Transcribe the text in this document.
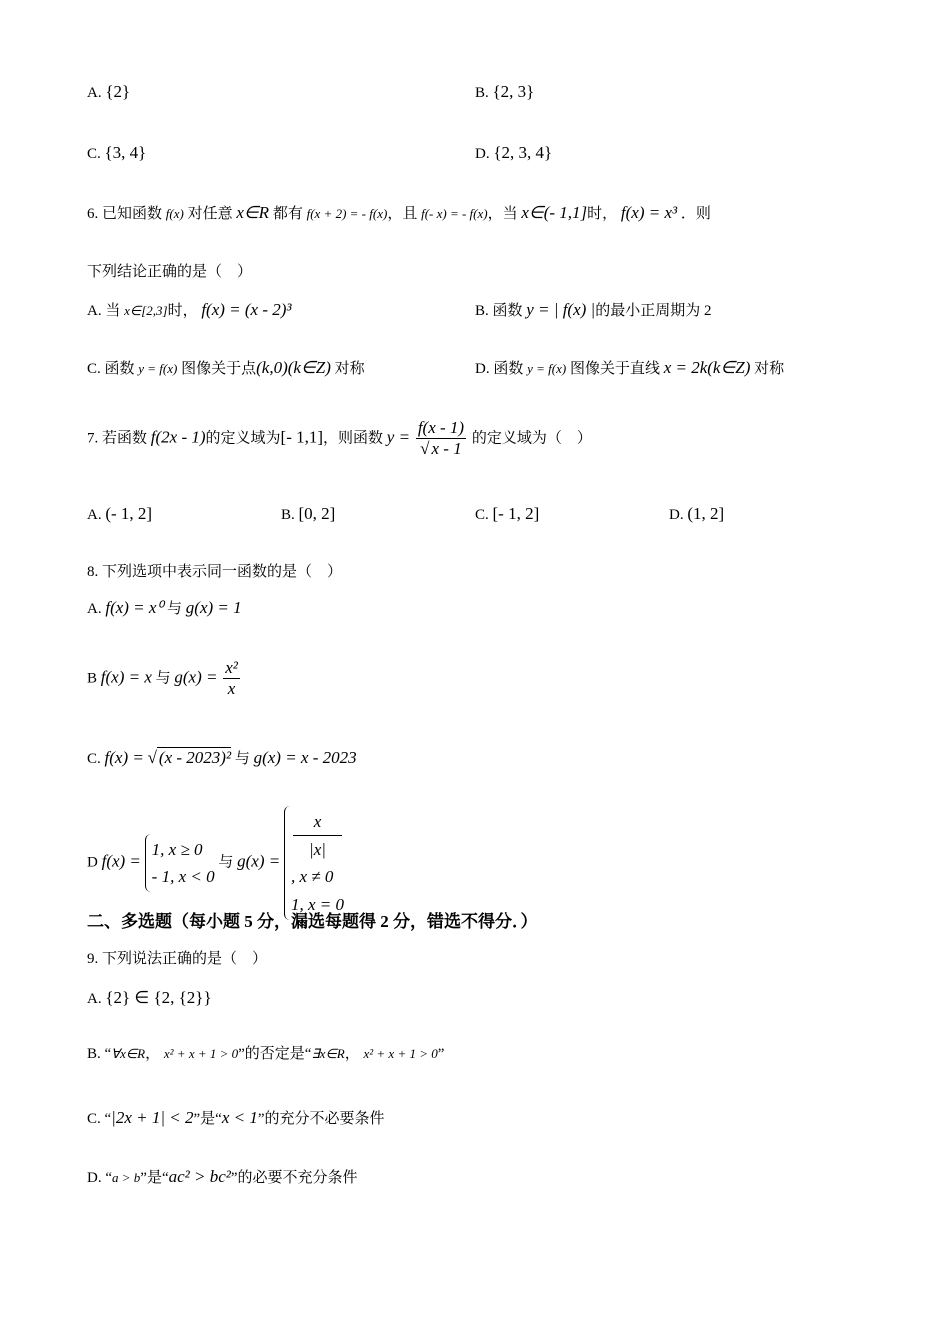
A. {2}	B. {2, 3}
C. {3, 4}	D. {2, 3, 4}
6. 已知函数 f(x) 对任意 x∈R 都有 f(x + 2) = - f(x)，且 f(- x) = - f(x)，当 x∈(- 1,1]时， f(x) = x³ ．则
下列结论正确的是（　）
A. 当 x∈[2,3]时， f(x) = (x - 2)³	B. 函数 y = | f(x) |的最小正周期为 2
C. 函数 y = f(x) 图像关于点(k,0)(k∈Z) 对称	D. 函数 y = f(x) 图像关于直线 x = 2k(k∈Z) 对称
7. 若函数 f(2x - 1)的定义域为[- 1,1]，则函数 $y = \frac{f(x - 1)}{√ x - 1}$ 的定义域为（　）
A. (- 1, 2]	B. [0, 2]	C. [- 1, 2]	D. (1, 2]
8. 下列选项中表示同一函数的是（　）
A. f(x) = x⁰ 与 g(x) = 1
B f(x) = x 与 $g(x) = \frac{\text{x²}}{x}$
C. f(x) = √ (x - 2023)² 与 g(x) = x - 2023
D f(x) =
1, x ≥ 0
- 1, x < 0
与 g(x) =
x
|x|
, x ≠ 0
1, x = 0
二、多选题（每小题 5 分，漏选每题得 2 分，错选不得分．）
9. 下列说法正确的是（　）
A. {2} ∈ {2, {2}}
B. “∀x∈R， x² + x + 1 > 0”的否定是“∃x∈R， x² + x + 1 > 0”
C. “|2x + 1| < 2”是“x < 1”的充分不必要条件
D. “a > b”是“ac² > bc²”的必要不充分条件
